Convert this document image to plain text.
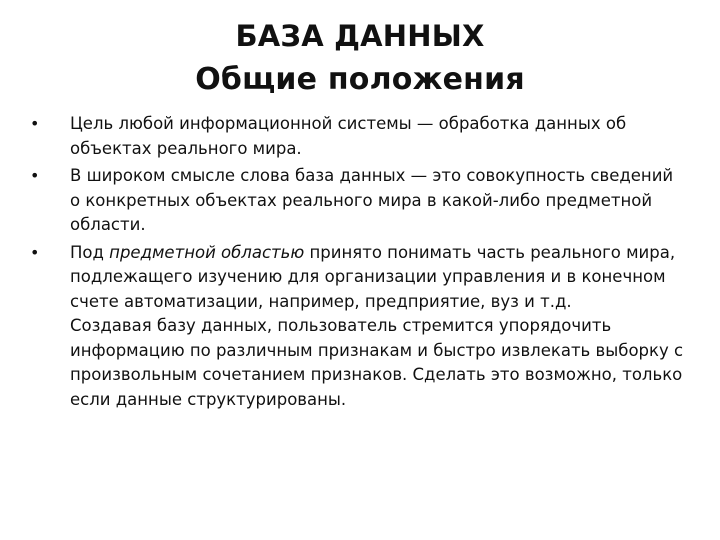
БАЗА ДАННЫХ
Общие положения
• Цель любой информационной системы — обработка данных об объектах реального мира.
• В широком смысле слова база данных — это совокупность сведений о конкретных объектах реального мира в какой-либо предметной области.
• Под предметной областью принято понимать часть реального мира, подлежащего изучению для организации управления и в конечном счете автоматизации, например, предприятие, вуз и т.д.
Создавая базу данных, пользователь стремится упорядочить информацию по различным признакам и быстро извлекать выборку с произвольным сочетанием признаков. Сделать это возможно, только если данные структурированы.
